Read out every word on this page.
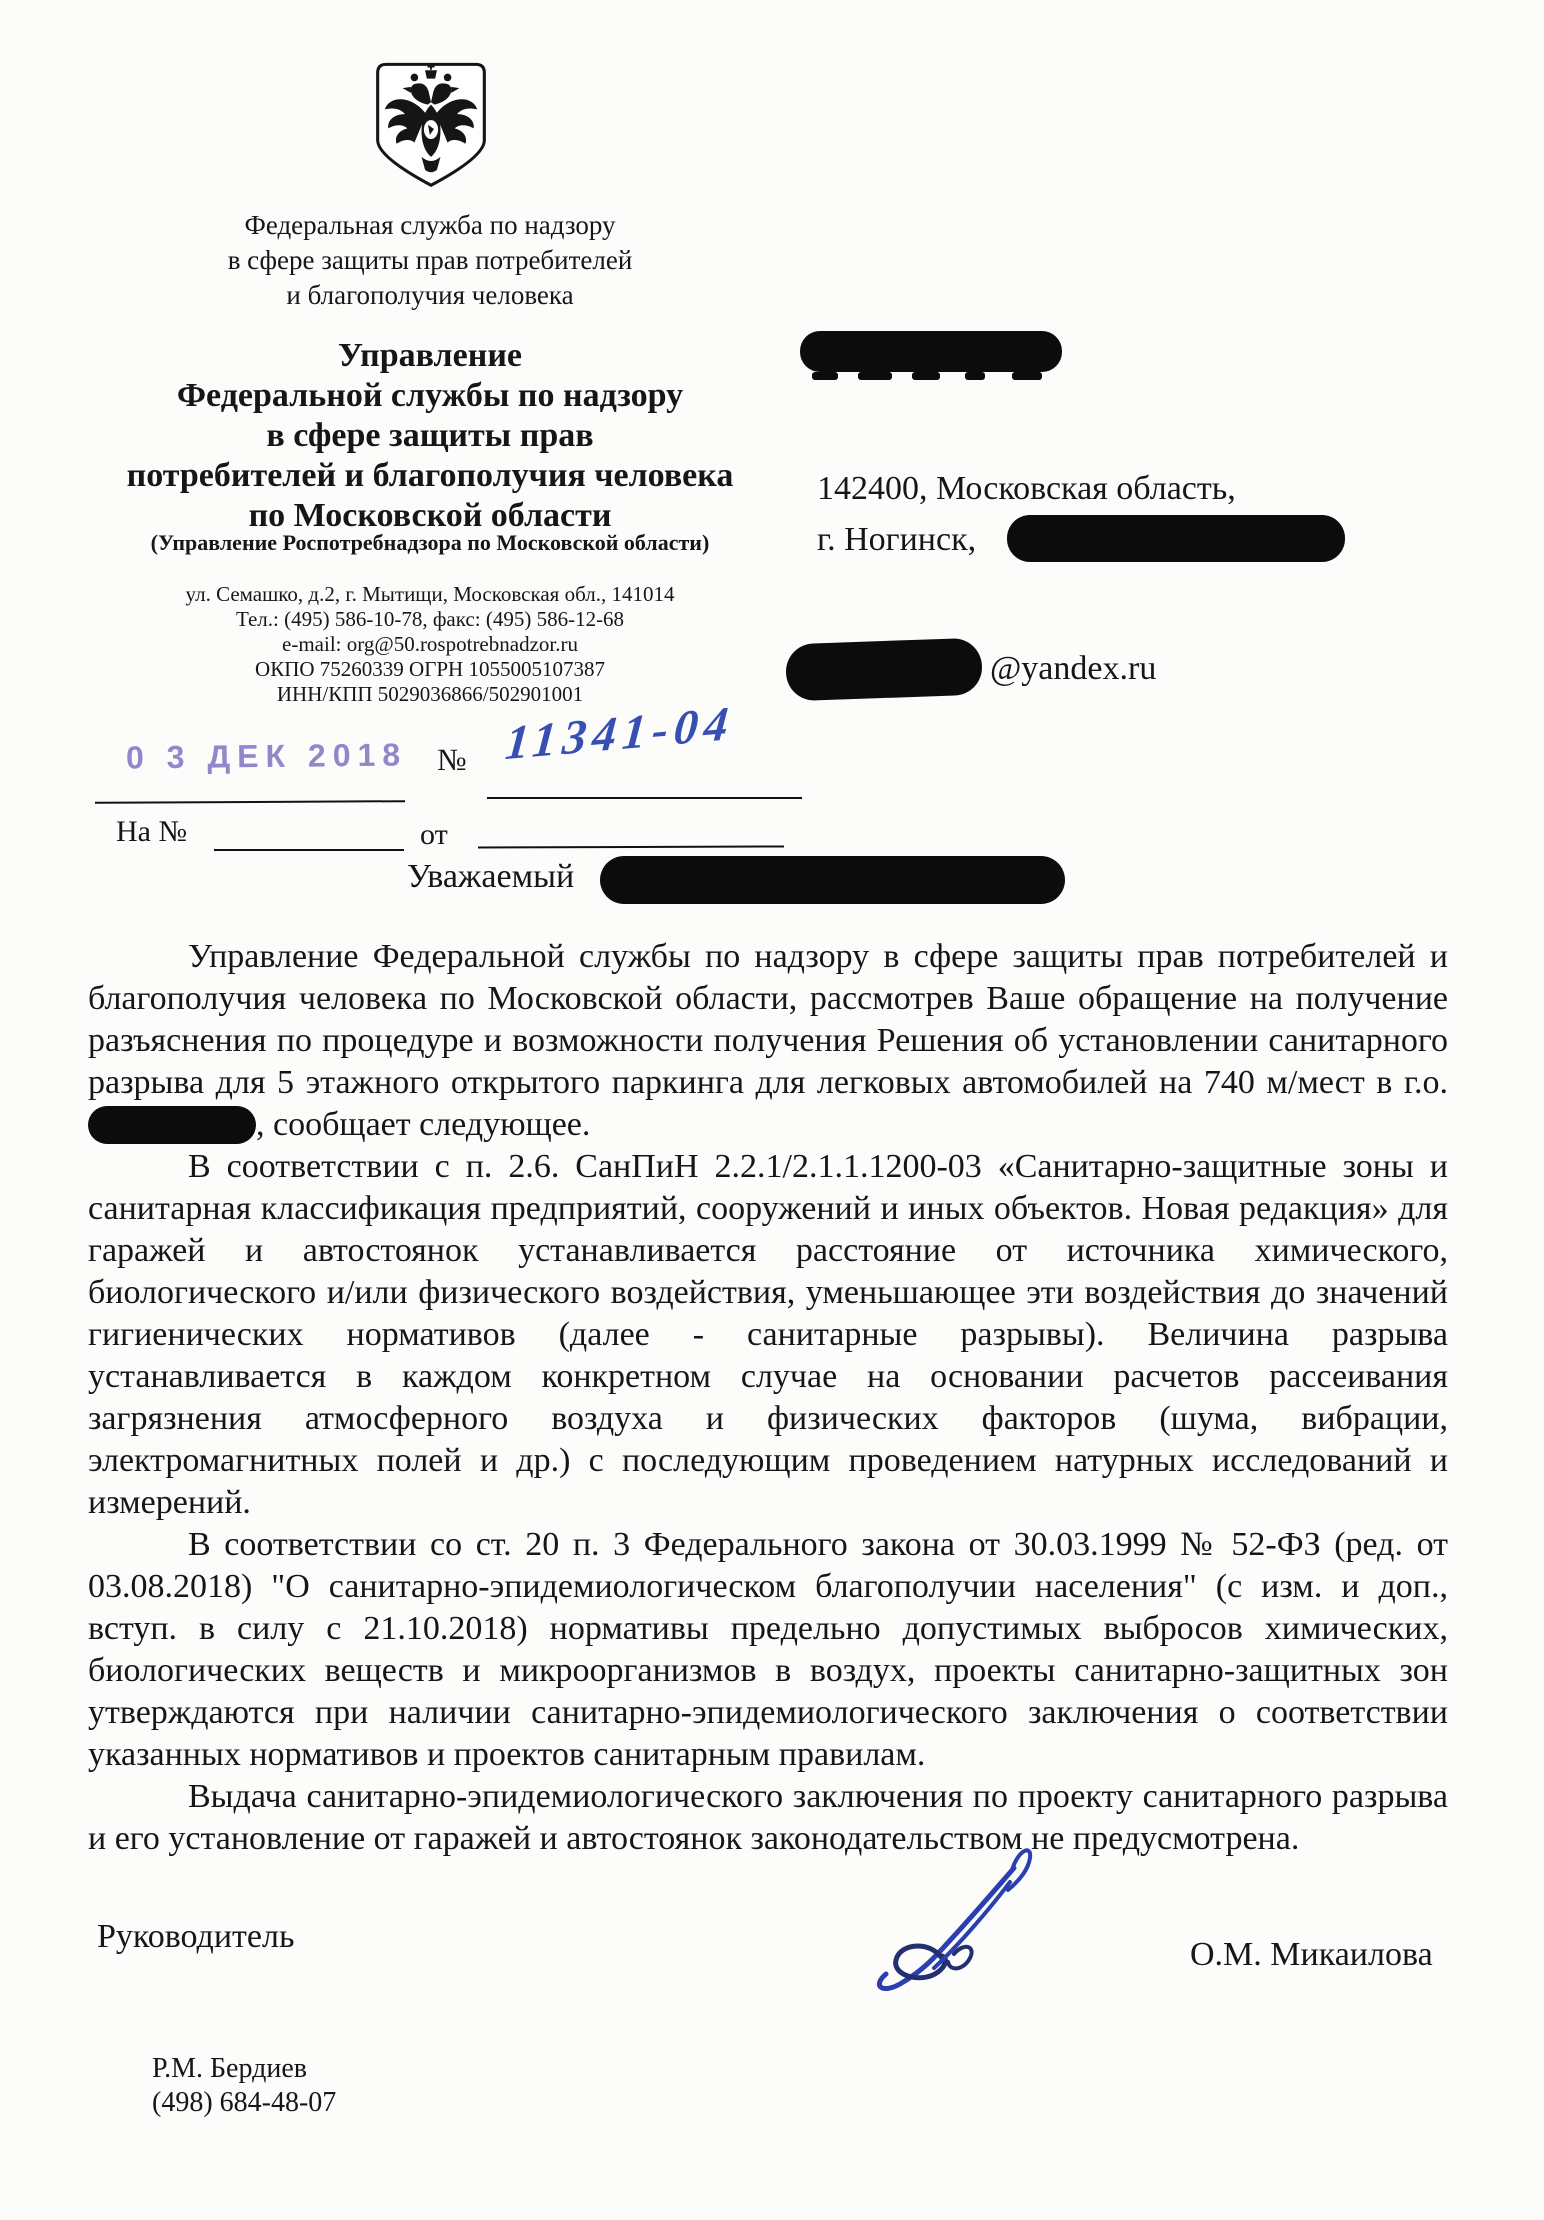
Федеральная служба по надзору
в сфере защиты прав потребителей
и благополучия человека
Управление
Федеральной службы по надзору
в сфере защиты прав
потребителей и благополучия человека
по Московской области
(Управление Роспотребнадзора по Московской области)
ул. Семашко, д.2, г. Мытищи, Московская обл., 141014
Тел.: (495) 586-10-78, факс: (495) 586-12-68
e-mail: org@50.rospotrebnadzor.ru
ОКПО 75260339 ОГРН 1055005107387
ИНН/КПП 5029036866/502901001
0 3 ДЕК 2018 № 11341-04
На №	от
142400, Московская область,
г. Ногинск,
@yandex.ru
Уважаемый

Управление Федеральной службы по надзору в сфере защиты прав потребителей и благополучия человека по Московской области, рассмотрев Ваше обращение на получение разъяснения по процедуре и возможности получения Решения об установлении санитарного разрыва для 5 этажного открытого паркинга для легковых автомобилей на 740 м/мест в г.о. , сообщает следующее.

В соответствии с п. 2.6. СанПиН 2.2.1/2.1.1.1200-03 «Санитарно-защитные зоны и санитарная классификация предприятий, сооружений и иных объектов. Новая редакция» для гаражей и автостоянок устанавливается расстояние от источника химического, биологического и/или физического воздействия, уменьшающее эти воздействия до значений гигиенических нормативов (далее - санитарные разрывы). Величина разрыва устанавливается в каждом конкретном случае на основании расчетов рассеивания загрязнения атмосферного воздуха и физических факторов (шума, вибрации, электромагнитных полей и др.) с последующим проведением натурных исследований и измерений.

В соответствии со ст. 20 п. 3 Федерального закона от 30.03.1999 № 52-ФЗ (ред. от 03.08.2018) "О санитарно-эпидемиологическом благополучии населения" (с изм. и доп., вступ. в силу с 21.10.2018) нормативы предельно допустимых выбросов химических, биологических веществ и микроорганизмов в воздух, проекты санитарно-защитных зон утверждаются при наличии санитарно-эпидемиологического заключения о соответствии указанных нормативов и проектов санитарным правилам.

Выдача санитарно-эпидемиологического заключения по проекту санитарного разрыва и его установление от гаражей и автостоянок законодательством не предусмотрена.

Руководитель	О.М. Микаилова
Р.М. Бердиев
(498) 684-48-07
